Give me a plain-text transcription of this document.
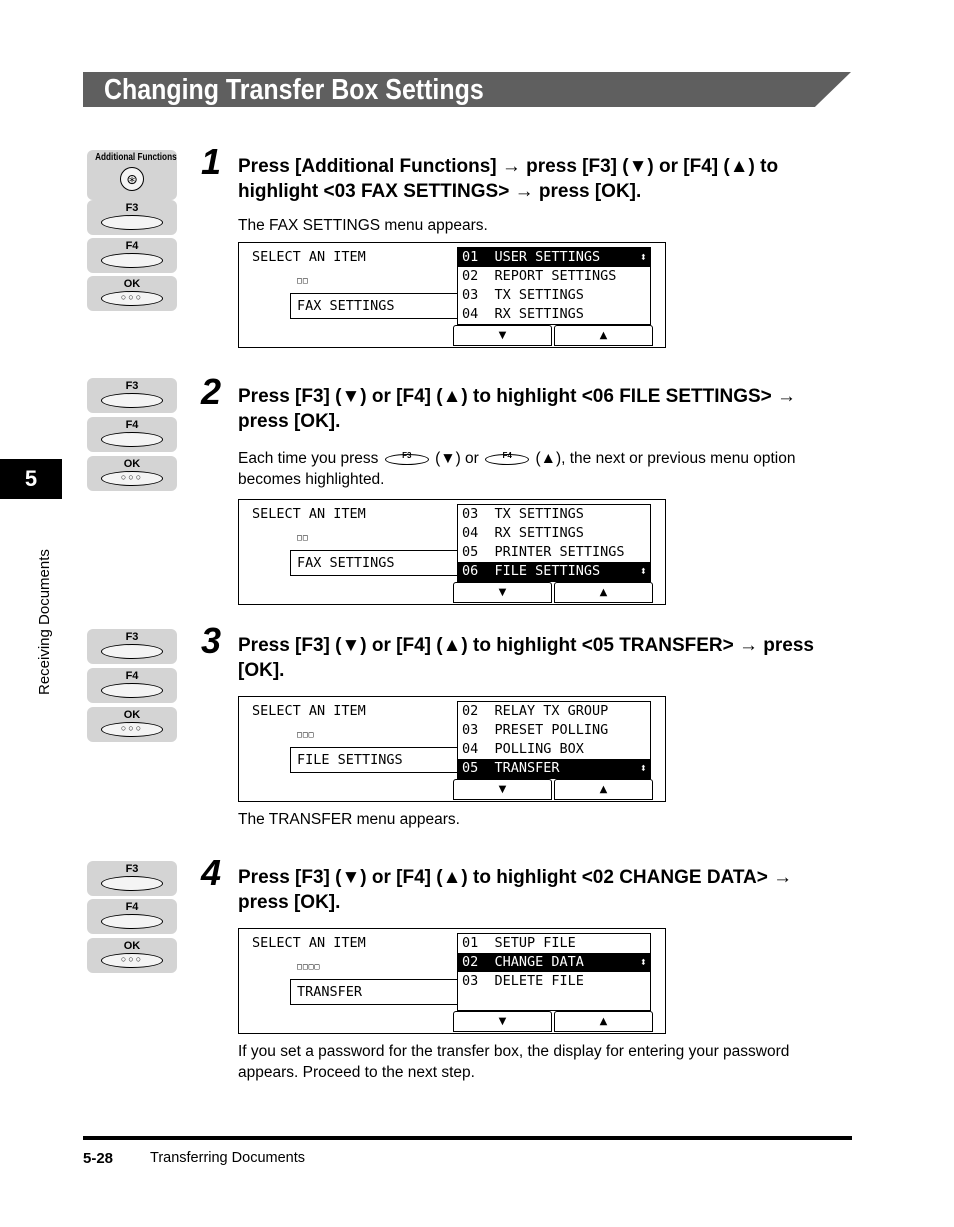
Changing Transfer Box Settings
5
Receiving Documents
Additional Functions
⊛
F3
F4
OK
○○○
1 Press [Additional Functions] → press [F3] (▼) or [F4] (▲) to highlight <03 FAX SETTINGS> → press [OK].
The FAX SETTINGS menu appears.
SELECT AN ITEM
□□
FAX SETTINGS
01  USER SETTINGS ⬍
02  REPORT SETTINGS
03  TX SETTINGS
04  RX SETTINGS
▼	▲
F3
F4
OK
○○○
2 Press [F3] (▼) or [F4] (▲) to highlight <06 FILE SETTINGS> → press [OK].
Each time you press	F3	(▼) or	F4	(▲), the next or previous menu option becomes highlighted.
SELECT AN ITEM
□□
FAX SETTINGS
03  TX SETTINGS
04  RX SETTINGS
05  PRINTER SETTINGS
06  FILE SETTINGS ⬍
▼	▲
F3
F4
OK
○○○
3 Press [F3] (▼) or [F4] (▲) to highlight <05 TRANSFER> → press [OK].
SELECT AN ITEM
□□□
FILE SETTINGS
02  RELAY TX GROUP
03  PRESET POLLING
04  POLLING BOX
05  TRANSFER ⬍
▼	▲
The TRANSFER menu appears.
F3
F4
OK
○○○
4 Press [F3] (▼) or [F4] (▲) to highlight <02 CHANGE DATA> → press [OK].
SELECT AN ITEM
□□□□
TRANSFER
01  SETUP FILE
02  CHANGE DATA ⬍
03  DELETE FILE
▼	▲
If you set a password for the transfer box, the display for entering your password appears. Proceed to the next step.
5-28	Transferring Documents
